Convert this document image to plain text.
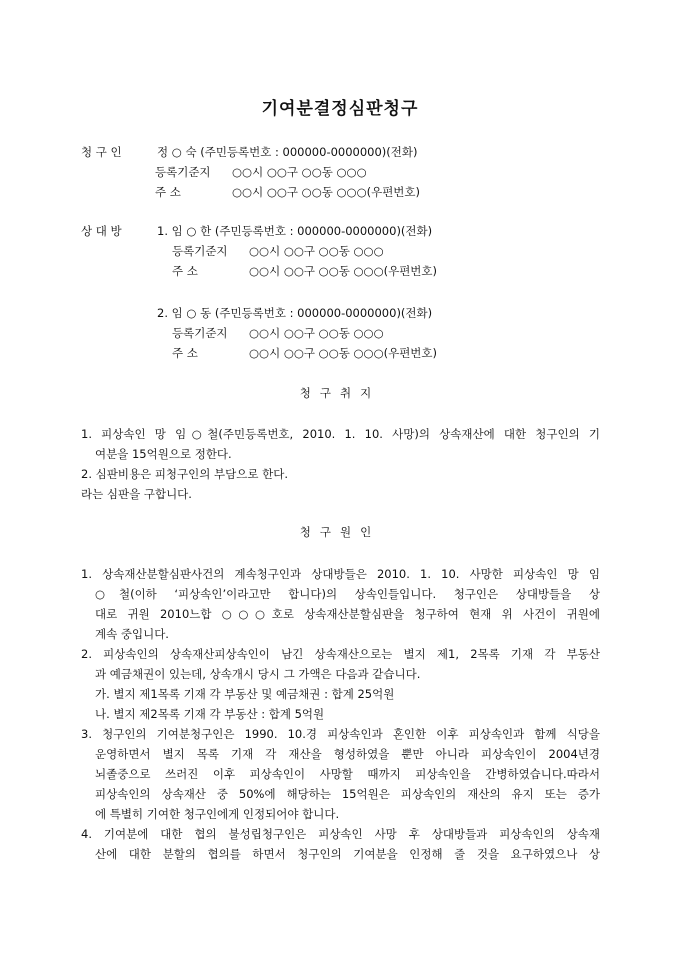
기여분결정심판청구
청 구 인	정 ○ 숙 (주민등록번호 : 000000-0000000)(전화)
등록기준지 ○○시 ○○구 ○○동 ○○○
주 소	○○시 ○○구 ○○동 ○○○(우편번호)
상 대 방	1. 임 ○ 한 (주민등록번호 : 000000-0000000)(전화)
등록기준지 ○○시 ○○구 ○○동 ○○○
주 소	○○시 ○○구 ○○동 ○○○(우편번호)
2. 임 ○ 동 (주민등록번호 : 000000-0000000)(전화)
등록기준지 ○○시 ○○구 ○○동 ○○○
주 소	○○시 ○○구 ○○동 ○○○(우편번호)
청구취지
1. 피상속인 망 임○철(주민등록번호, 2010. 1. 10. 사망)의 상속재산에 대한 청구인의 기
여분을 15억원으로 정한다.
2. 심판비용은 피청구인의 부담으로 한다.
라는 심판을 구합니다.
청구원인
1. 상속재산분할심판사건의 계속청구인과 상대방들은 2010. 1. 10. 사망한 피상속인 망 임
○철(이하 ‘피상속인’이라고만 합니다)의 상속인들입니다. 청구인은 상대방들을 상
대로 귀원 2010느합 ○○○호로 상속재산분할심판을 청구하여 현재 위 사건이 귀원에
계속 중입니다.
2. 피상속인의 상속재산피상속인이 남긴 상속재산으로는 별지 제1, 2목록 기재 각 부동산
과 예금채권이 있는데, 상속개시 당시 그 가액은 다음과 같습니다.
가. 별지 제1목록 기재 각 부동산 및 예금채권 : 합계 25억원
나. 별지 제2목록 기재 각 부동산 : 합계 5억원
3. 청구인의 기여분청구인은 1990. 10.경 피상속인과 혼인한 이후 피상속인과 함께 식당을
운영하면서 별지 목록 기재 각 재산을 형성하였을 뿐만 아니라 피상속인이 2004년경
뇌졸중으로 쓰러진 이후 피상속인이 사망할 때까지 피상속인을 간병하였습니다.따라서
피상속인의 상속재산 중 50%에 해당하는 15억원은 피상속인의 재산의 유지 또는 증가
에 특별히 기여한 청구인에게 인정되어야 합니다.
4. 기여분에 대한 협의 불성립청구인은 피상속인 사망 후 상대방들과 피상속인의 상속재
산에 대한 분할의 협의를 하면서 청구인의 기여분을 인정해 줄 것을 요구하였으나 상
